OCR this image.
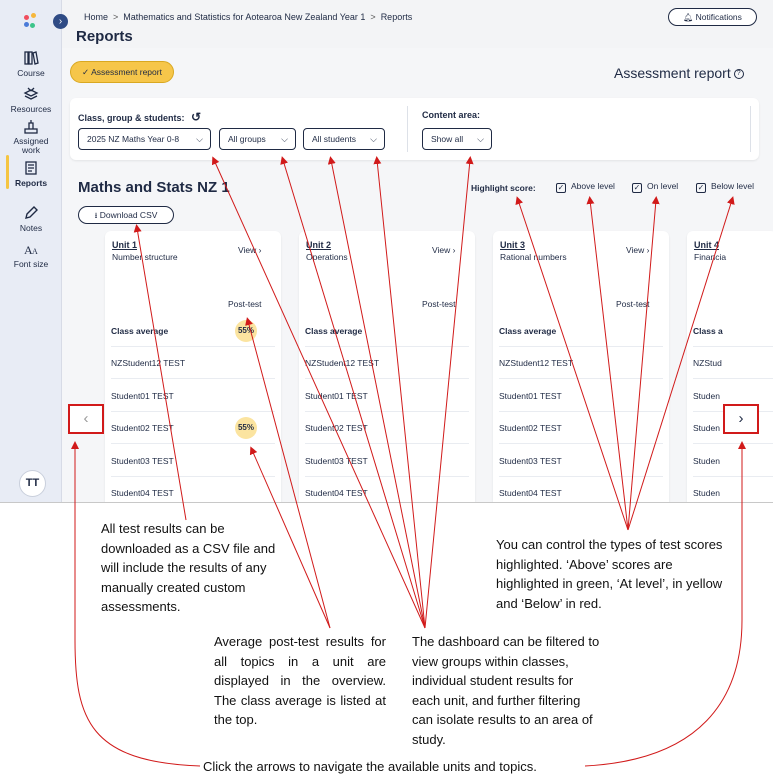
Course
Resources
Assigned work
Reports
Notes
A A
Font size
TT
›	Home > Mathematics and Statistics for Aotearoa New Zealand Year 1 > Reports
Reports
🔔︎ Notifications
✓ Assessment report	Assessment report ?
Class, group & students: ↺
2025 NZ Maths Year 0-8 ⌵	All groups ⌵	All students ⌵
Content area:
Show all ⌵
Maths and Stats NZ 1	Highlight score:	✓ Above level ✓ On level ✓ Below level
⭳ Download CSV
Unit 1
Number structure
View ›
Post-test
Class average	55%
NZStudent12 TEST
Student01 TEST
Student02 TEST	55%
Student03 TEST
Student04 TEST
Unit 2
Operations
View ›
Post-test
Class average
NZStudent12 TEST
Student01 TEST
Student02 TEST
Student03 TEST
Student04 TEST
Unit 3
Rational numbers
View ›
Post-test
Class average
NZStudent12 TEST
Student01 TEST
Student02 TEST
Student03 TEST
Student04 TEST
Unit 4
Financia
Class a
NZStud
Studen
Studen
Studen
Studen
‹	›
All test results can be downloaded as a CSV file and will include the results of any manually created custom assessments.
You can control the types of test scores highlighted. ‘Above’ scores are highlighted in green, ‘At level’, in yellow and ‘Below’ in red.
Average post-test results for all topics in a unit are displayed in the overview. The class average is listed at the top.
The dashboard can be filtered to view groups within classes, individual student results for each unit, and further filtering can isolate results to an area of study.
Click the arrows to navigate the available units and topics.
